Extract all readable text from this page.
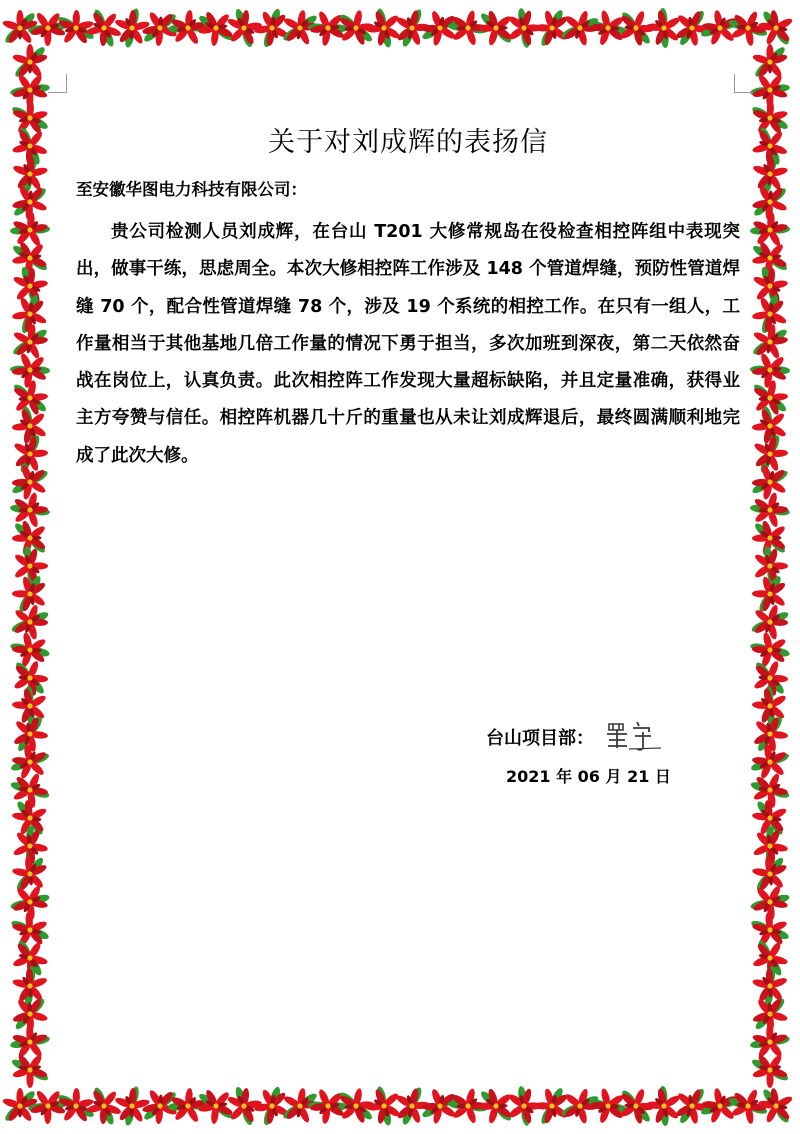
关于对刘成辉的表扬信
至安徽华图电力科技有限公司：

贵公司检测人员刘成辉，在台山 T201 大修常规岛在役检查相控阵组中表现突出，做事干练，思虑周全。本次大修相控阵工作涉及 148 个管道焊缝，预防性管道焊缝 70 个，配合性管道焊缝 78 个，涉及 19 个系统的相控工作。在只有一组人，工作量相当于其他基地几倍工作量的情况下勇于担当，多次加班到深夜，第二天依然奋战在岗位上，认真负责。此次相控阵工作发现大量超标缺陷，并且定量准确，获得业主方夸赞与信任。相控阵机器几十斤的重量也从未让刘成辉退后，最终圆满顺利地完成了此次大修。

台山项目部：
2021 年 06 月 21 日
